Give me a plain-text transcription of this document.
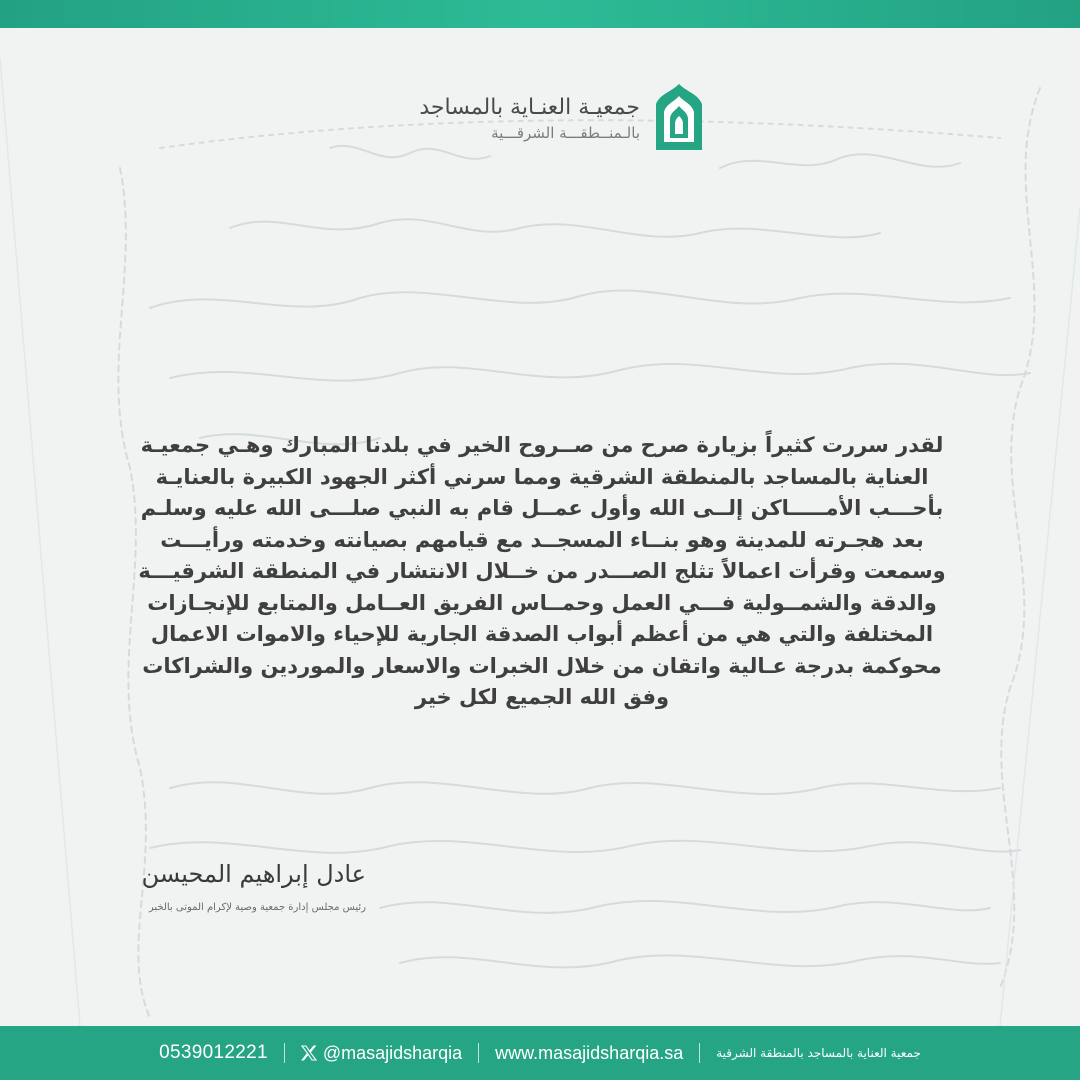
جمعيـة العنـاية بالمساجد
بالـمنــطقـــة الشرقـــية
لقدر سررت كثيراً بزيارة صرح من صــروح الخير في بلدنا المبارك وهـي جمعيـة
العناية بالمساجد بالمنطقة الشرقية ومما سرني أكثر الجهود الكبيرة بالعنايـة
بأحـــب الأمـــــاكن إلــى الله وأول عمــل قام به النبي صلـــى الله عليه وسلـم
بعد هجـرته للمدينة وهو بنــاء المسجــد مع قيامهم بصيانته وخدمته ورأيـــت
وسمعت وقرأت اعمالاً تثلج الصـــدر من خــلال الانتشار في المنطقة الشرقيـــة
والدقة والشمــولية فـــي العمل وحمــاس الفريق العــامل والمتابع للإنجـازات
المختلفة والتي هي من أعظم أبواب الصدقة الجارية للإحياء والاموات الاعمال
محوكمة بدرجة عـالية واتقان من خلال الخبرات والاسعار والموردين والشراكات
وفق الله الجميع لكل خير
عادل إبراهيم المحيسن
رئيس مجلس إدارة جمعية وصية لإكرام الموتى بالخبر
0539012221	@masajidsharqia www.masajidsharqia.sa	جمعية العناية بالمساجد بالمنطقة الشرقية
